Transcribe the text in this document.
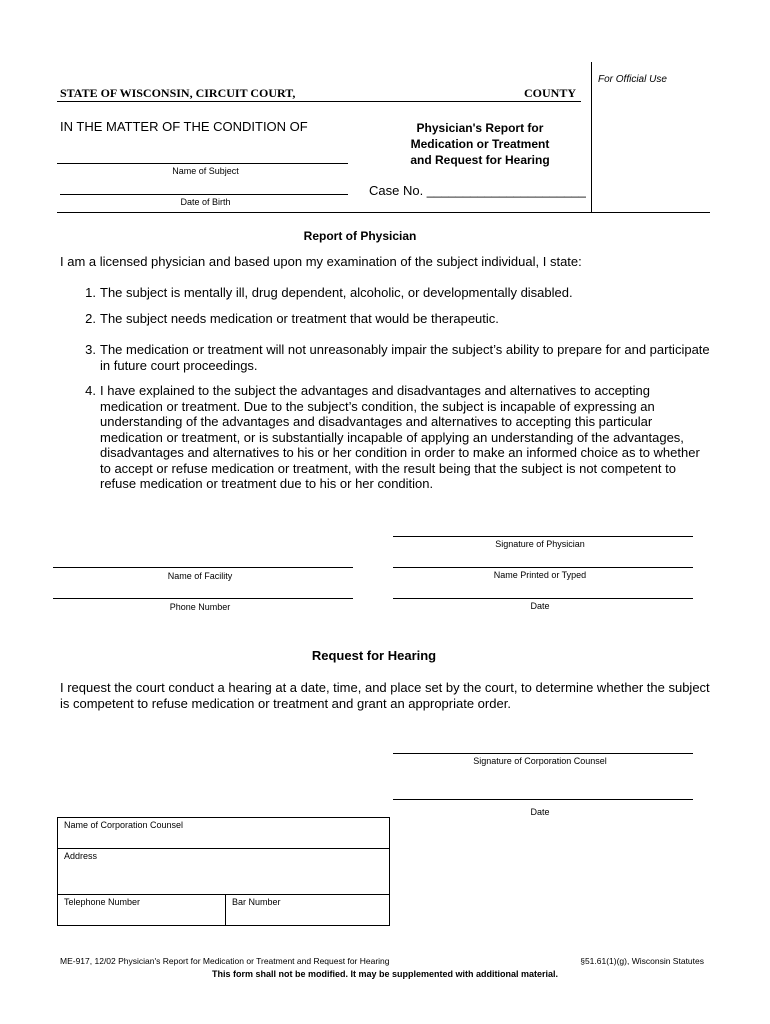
For Official Use
STATE OF WISCONSIN, CIRCUIT COURT,	COUNTY
IN THE MATTER OF THE CONDITION OF
Name of Subject
Date of Birth
Physician's Report for
Medication or Treatment
and Request for Hearing
Case No. ______________________
Report of Physician
I am a licensed physician and based upon my examination of the subject individual, I state:
1. The subject is mentally ill, drug dependent, alcoholic, or developmentally disabled.
2. The subject needs medication or treatment that would be therapeutic.
3. The medication or treatment will not unreasonably impair the subject’s ability to prepare for and participate in future court proceedings.
4. I have explained to the subject the advantages and disadvantages and alternatives to accepting medication or treatment. Due to the subject’s condition, the subject is incapable of expressing an understanding of the advantages and disadvantages and alternatives to accepting this particular medication or treatment, or is substantially incapable of applying an understanding of the advantages, disadvantages and alternatives to his or her condition in order to make an informed choice as to whether to accept or refuse medication or treatment, with the result being that the subject is not competent to refuse medication or treatment due to his or her condition.
Signature of Physician
Name of Facility	Name Printed or Typed
Phone Number	Date
Request for Hearing
I request the court conduct a hearing at a date, time, and place set by the court, to determine whether the subject is competent to refuse medication or treatment and grant an appropriate order.
Signature of Corporation Counsel
Date
Name of Corporation Counsel
Address
Telephone Number	Bar Number
ME-917, 12/02 Physician's Report for Medication or Treatment and Request for Hearing	§51.61(1)(g), Wisconsin Statutes
This form shall not be modified. It may be supplemented with additional material.
